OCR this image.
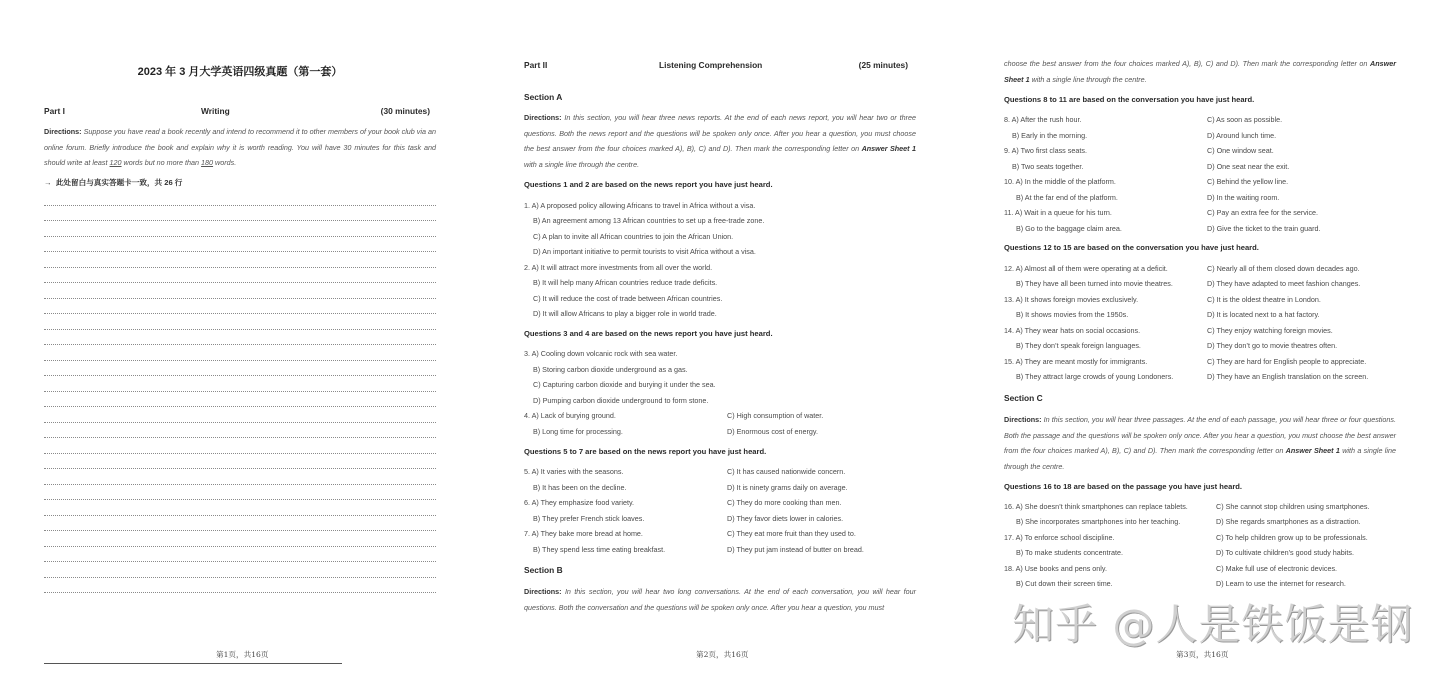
2023 年 3 月大学英语四级真题（第一套）
Part I	Writing	(30 minutes)
Directions: Suppose you have read a book recently and intend to recommend it to other members of your book club via an online forum. Briefly introduce the book and explain why it is worth reading. You will have 30 minutes for this task and should write at least 120 words but no more than 180 words.
→ 此处留白与真实答题卡一致，共 26 行
第1页，共16页
Part II	Listening Comprehension	(25 minutes)
Section A
Directions: In this section, you will hear three news reports. At the end of each news report, you will hear two or three questions. Both the news report and the questions will be spoken only once. After you hear a question, you must choose the best answer from the four choices marked A), B), C) and D). Then mark the corresponding letter on Answer Sheet 1 with a single line through the centre.
Questions 1 and 2 are based on the news report you have just heard.
1. A) A proposed policy allowing Africans to travel in Africa without a visa.
B) An agreement among 13 African countries to set up a free-trade zone.
C) A plan to invite all African countries to join the African Union.
D) An important initiative to permit tourists to visit Africa without a visa.
2. A) It will attract more investments from all over the world.
B) It will help many African countries reduce trade deficits.
C) It will reduce the cost of trade between African countries.
D) It will allow Africans to play a bigger role in world trade.
Questions 3 and 4 are based on the news report you have just heard.
3. A) Cooling down volcanic rock with sea water.
B) Storing carbon dioxide underground as a gas.
C) Capturing carbon dioxide and burying it under the sea.
D) Pumping carbon dioxide underground to form stone.
4. A) Lack of burying ground.	C) High consumption of water.
B) Long time for processing.	D) Enormous cost of energy.
Questions 5 to 7 are based on the news report you have just heard.
5. A) It varies with the seasons.	C) It has caused nationwide concern.
B) It has been on the decline.	D) It is ninety grams daily on average.
6. A) They emphasize food variety.	C) They do more cooking than men.
B) They prefer French stick loaves.	D) They favor diets lower in calories.
7. A) They bake more bread at home.	C) They eat more fruit than they used to.
B) They spend less time eating breakfast.	D) They put jam instead of butter on bread.
Section B
Directions: In this section, you will hear two long conversations. At the end of each conversation, you will hear four questions. Both the conversation and the questions will be spoken only once. After you hear a question, you must
第2页，共16页
choose the best answer from the four choices marked A), B), C) and D). Then mark the corresponding letter on Answer Sheet 1 with a single line through the centre.
Questions 8 to 11 are based on the conversation you have just heard.
8. A) After the rush hour.	C) As soon as possible.
B) Early in the morning.	D) Around lunch time.
9. A) Two first class seats.	C) One window seat.
B) Two seats together.	D) One seat near the exit.
10. A) In the middle of the platform.	C) Behind the yellow line.
B) At the far end of the platform.	D) In the waiting room.
11. A) Wait in a queue for his turn.	C) Pay an extra fee for the service.
B) Go to the baggage claim area.	D) Give the ticket to the train guard.
Questions 12 to 15 are based on the conversation you have just heard.
12. A) Almost all of them were operating at a deficit.	C) Nearly all of them closed down decades ago.
B) They have all been turned into movie theatres.	D) They have adapted to meet fashion changes.
13. A) It shows foreign movies exclusively.	C) It is the oldest theatre in London.
B) It shows movies from the 1950s.	D) It is located next to a hat factory.
14. A) They wear hats on social occasions.	C) They enjoy watching foreign movies.
B) They don’t speak foreign languages.	D) They don’t go to movie theatres often.
15. A) They are meant mostly for immigrants.	C) They are hard for English people to appreciate.
B) They attract large crowds of young Londoners.	D) They have an English translation on the screen.
Section C
Directions: In this section, you will hear three passages. At the end of each passage, you will hear three or four questions. Both the passage and the questions will be spoken only once. After you hear a question, you must choose the best answer from the four choices marked A), B), C) and D). Then mark the corresponding letter on Answer Sheet 1 with a single line through the centre.
Questions 16 to 18 are based on the passage you have just heard.
16. A) She doesn’t think smartphones can replace tablets.	C) She cannot stop children using smartphones.
B) She incorporates smartphones into her teaching.	D) She regards smartphones as a distraction.
17. A) To enforce school discipline.	C) To help children grow up to be professionals.
B) To make students concentrate.	D) To cultivate children’s good study habits.
18. A) Use books and pens only.	C) Make full use of electronic devices.
B) Cut down their screen time.	D) Learn to use the internet for research.
第3页，共16页
知乎 @人是铁饭是钢
